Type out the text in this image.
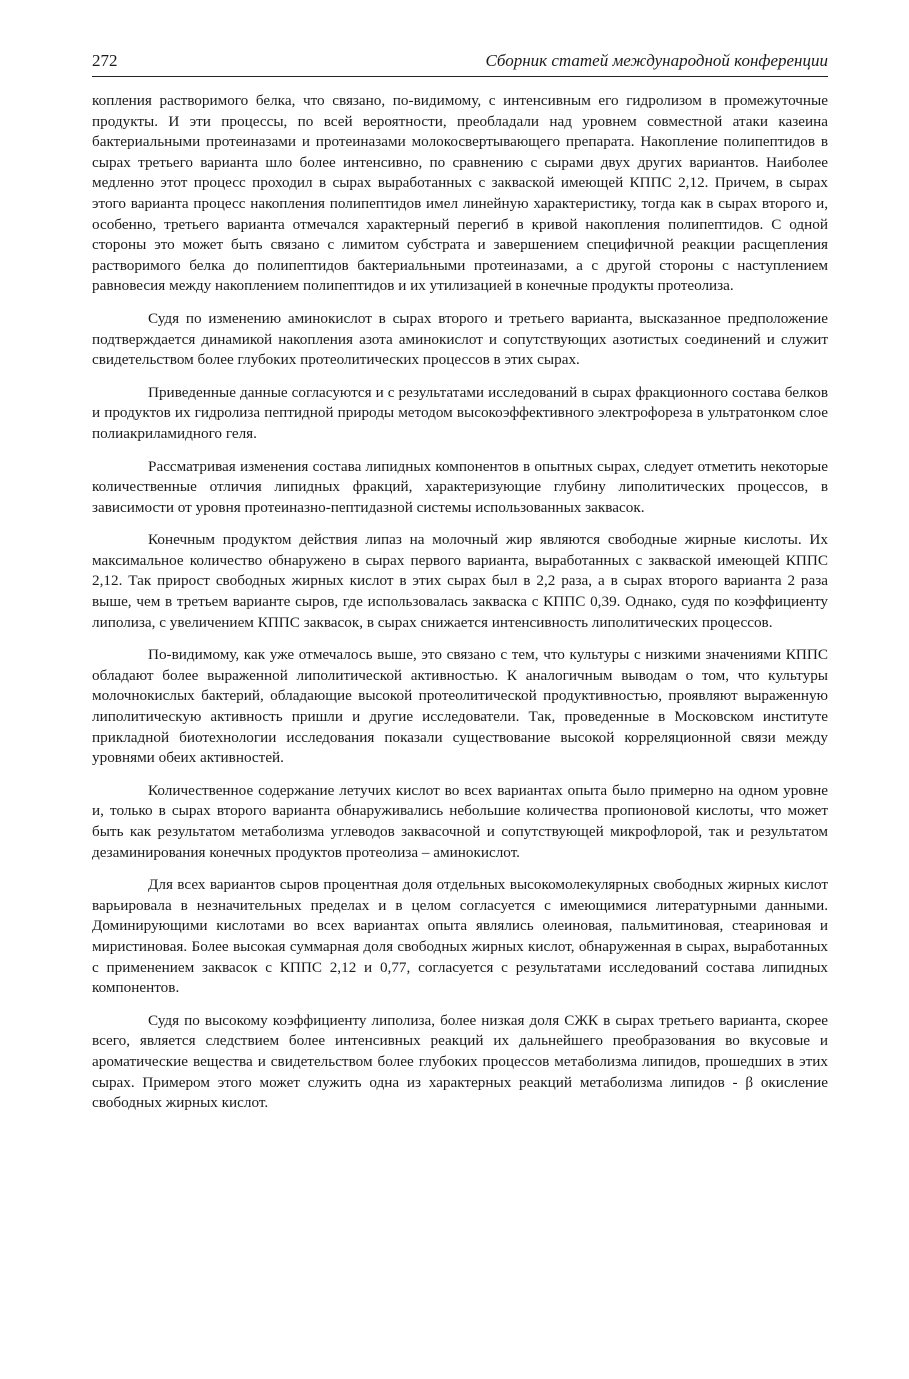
272	Сборник статей международной конференции

копления растворимого белка, что связано, по-видимому, с интенсивным его гидролизом в промежуточные продукты. И эти процессы, по всей вероятности, преобладали над уровнем совместной атаки казеина бактериальными протеиназами и протеиназами молокосвертывающего препарата. Накопление полипептидов в сырах третьего варианта шло более интенсивно, по сравнению с сырами двух других вариантов. Наиболее медленно этот процесс проходил в сырах выработанных с закваской имеющей КППС 2,12. Причем, в сырах этого варианта процесс накопления полипептидов имел линейную характеристику, тогда как в сырах второго и, особенно, третьего варианта отмечался характерный перегиб в кривой накопления полипептидов. С одной стороны это может быть связано с лимитом субстрата и завершением специфичной реакции расщепления растворимого белка до полипептидов бактериальными протеиназами, а с другой стороны с наступлением равновесия между накоплением полипептидов и их утилизацией в конечные продукты протеолиза.

Судя по изменению аминокислот в сырах второго и третьего варианта, высказанное предположение подтверждается динамикой накопления азота аминокислот и сопутствующих азотистых соединений и служит свидетельством более глубоких протеолитических процессов в этих сырах.

Приведенные данные согласуются и с результатами исследований в сырах фракционного состава белков и продуктов их гидролиза пептидной природы методом высокоэффективного электрофореза в ультратонком слое полиакриламидного геля.

Рассматривая изменения состава липидных компонентов в опытных сырах, следует отметить некоторые количественные отличия липидных фракций, характеризующие глубину липолитических процессов, в зависимости от уровня протеиназно-пептидазной системы использованных заквасок.

Конечным продуктом действия липаз на молочный жир являются свободные жирные кислоты. Их максимальное количество обнаружено в сырах первого варианта, выработанных с закваской имеющей КППС 2,12. Так прирост свободных жирных кислот в этих сырах был в 2,2 раза, а в сырах второго варианта 2 раза выше, чем в третьем варианте сыров, где использовалась закваска с КППС 0,39. Однако, судя по коэффициенту липолиза, с увеличением КППС заквасок, в сырах снижается интенсивность липолитических процессов.

По-видимому, как уже отмечалось выше, это связано с тем, что культуры с низкими значениями КППС обладают более выраженной липолитической активностью. К аналогичным выводам о том, что культуры молочнокислых бактерий, обладающие высокой протеолитической продуктивностью, проявляют выраженную липолитическую активность пришли и другие исследователи. Так, проведенные в Московском институте прикладной биотехнологии исследования показали существование высокой корреляционной связи между уровнями обеих активностей.

Количественное содержание летучих кислот во всех вариантах опыта было примерно на одном уровне и, только в сырах второго варианта обнаруживались небольшие количества пропионовой кислоты, что может быть как результатом метаболизма углеводов заквасочной и сопутствующей микрофлорой, так и результатом дезаминирования конечных продуктов протеолиза – аминокислот.

Для всех вариантов сыров процентная доля отдельных высокомолекулярных свободных жирных кислот варьировала в незначительных пределах и в целом согласуется с имеющимися литературными данными. Доминирующими кислотами во всех вариантах опыта являлись олеиновая, пальмитиновая, стеариновая и миристиновая. Более высокая суммарная доля свободных жирных кислот, обнаруженная в сырах, выработанных с применением заквасок с КППС 2,12 и 0,77, согласуется с результатами исследований состава липидных компонентов.

Судя по высокому коэффициенту липолиза, более низкая доля СЖК в сырах третьего варианта, скорее всего, является следствием более интенсивных реакций их дальнейшего преобразования во вкусовые и ароматические вещества и свидетельством более глубоких процессов метаболизма липидов, прошедших в этих сырах. Примером этого может служить одна из характерных реакций метаболизма липидов - β окисление свободных жирных кислот.
